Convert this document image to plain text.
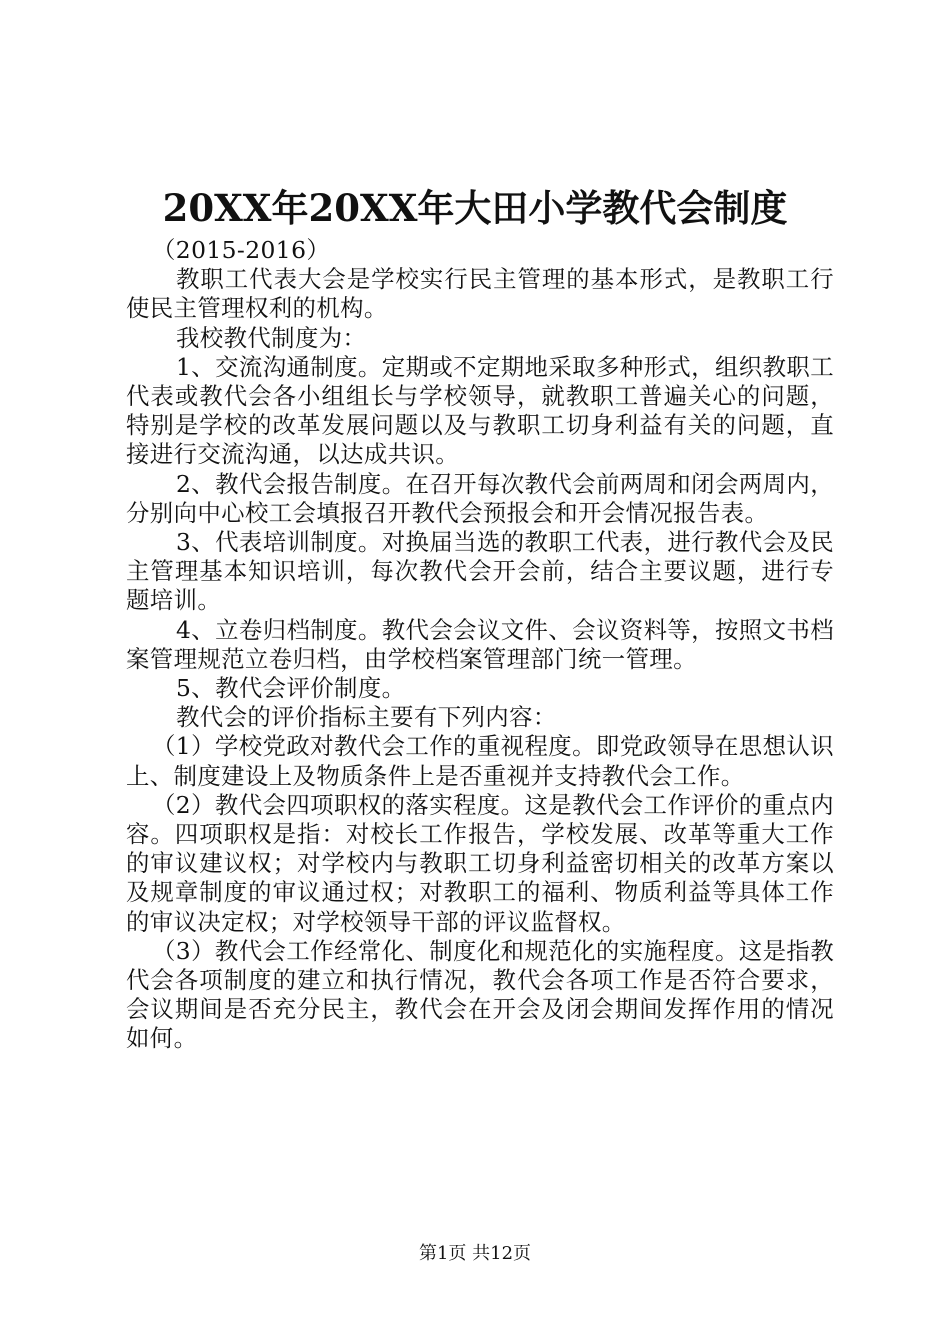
20XX年20XX年大田小学教代会制度

（2015-2016）

教职工代表大会是学校实行民主管理的基本形式，是教职工行使民主管理权利的机构。

我校教代制度为：

1、交流沟通制度。定期或不定期地采取多种形式，组织教职工代表或教代会各小组组长与学校领导，就教职工普遍关心的问题，特别是学校的改革发展问题以及与教职工切身利益有关的问题，直接进行交流沟通，以达成共识。

2、教代会报告制度。在召开每次教代会前两周和闭会两周内，分别向中心校工会填报召开教代会预报会和开会情况报告表。

3、代表培训制度。对换届当选的教职工代表，进行教代会及民主管理基本知识培训，每次教代会开会前，结合主要议题，进行专题培训。

4、立卷归档制度。教代会会议文件、会议资料等，按照文书档案管理规范立卷归档，由学校档案管理部门统一管理。

5、教代会评价制度。

教代会的评价指标主要有下列内容：

（1）学校党政对教代会工作的重视程度。即党政领导在思想认识上、制度建设上及物质条件上是否重视并支持教代会工作。

（2）教代会四项职权的落实程度。这是教代会工作评价的重点内容。四项职权是指：对校长工作报告，学校发展、改革等重大工作的审议建议权；对学校内与教职工切身利益密切相关的改革方案以及规章制度的审议通过权；对教职工的福利、物质利益等具体工作的审议决定权；对学校领导干部的评议监督权。

（3）教代会工作经常化、制度化和规范化的实施程度。这是指教代会各项制度的建立和执行情况，教代会各项工作是否符合要求，会议期间是否充分民主，教代会在开会及闭会期间发挥作用的情况如何。

第1页 共12页
